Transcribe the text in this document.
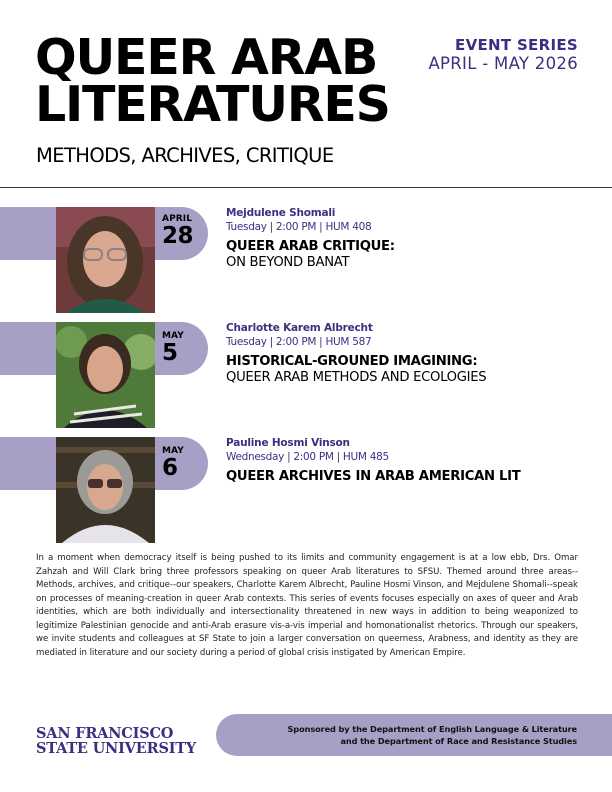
QUEER ARAB
LITERATURES
METHODS, ARCHIVES, CRITIQUE
EVENT SERIES
APRIL - MAY 2026
APRIL
28
Mejdulene Shomali
Tuesday | 2:00 PM | HUM 408
QUEER ARAB CRITIQUE:
ON BEYOND BANAT
MAY
5
Charlotte Karem Albrecht
Tuesday | 2:00 PM | HUM 587
HISTORICAL-GROUNED IMAGINING:
QUEER ARAB METHODS AND ECOLOGIES
MAY
6
Pauline Hosmi Vinson
Wednesday | 2:00 PM | HUM 485
QUEER ARCHIVES IN ARAB AMERICAN LIT
In a moment when democracy itself is being pushed to its limits and community engagement is at a low ebb, Drs. Omar Zahzah and Will Clark bring three professors speaking on queer Arab literatures to SFSU. Themed around three areas--Methods, archives, and critique--our speakers, Charlotte Karem Albrecht, Pauline Hosmi Vinson, and Mejdulene Shomali--speak on processes of meaning-creation in queer Arab contexts. This series of events focuses especially on axes of queer and Arab identities, which are both individually and intersectionality threatened in new ways in addition to being weaponized to legitimize Palestinian genocide and anti-Arab erasure vis-a-vis imperial and homonationalist rhetorics. Through our speakers, we invite students and colleagues at SF State to join a larger conversation on queerness, Arabness, and identity as they are mediated in literature and our society during a period of global crisis instigated by American Empire.
SAN FRANCISCO
STATE UNIVERSITY
Sponsored by the Department of English Language & Literature
and the Department of Race and Resistance Studies
